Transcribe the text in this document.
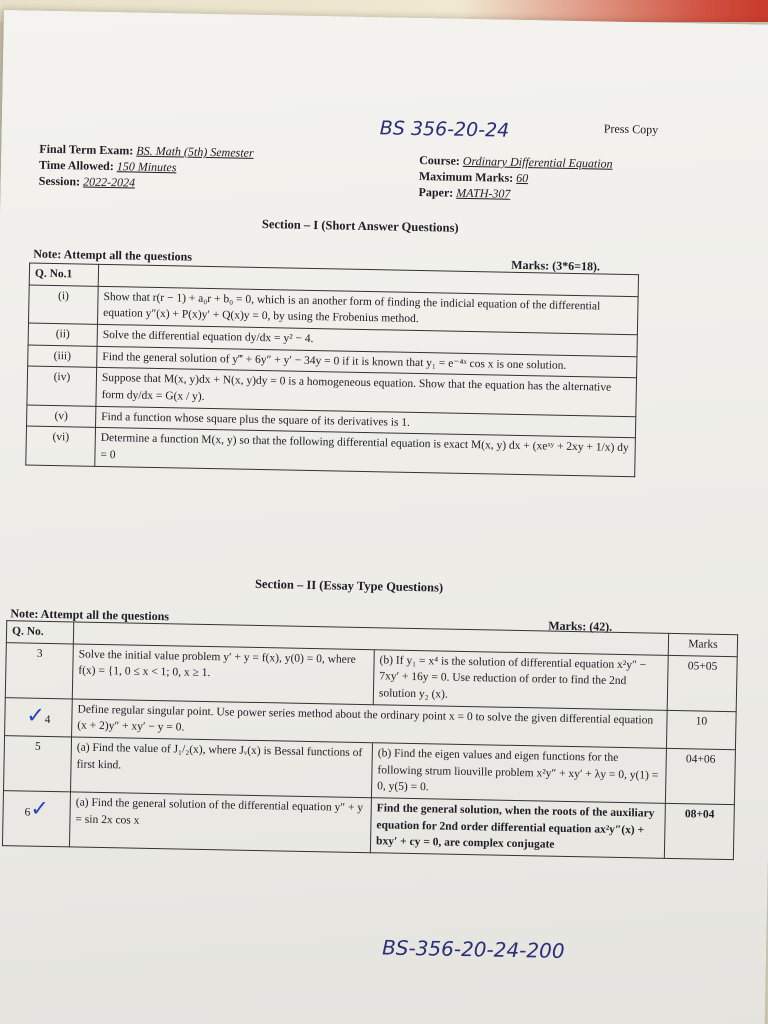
BS 356-20-24	Press Copy
Final Term Exam: BS. Math (5th) Semester
Time Allowed: 150 Minutes
Session: 2022-2024
Course: Ordinary Differential Equation
Maximum Marks: 60
Paper: MATH-307
Section – I (Short Answer Questions)
Note: Attempt all the questions
Marks: (3*6=18).
Q. No.1	
(i)	Show that r(r − 1) + a₀r + b₀ = 0, which is an another form of finding the indicial equation of the differential equation y″(x) + P(x)y′ + Q(x)y = 0, by using the Frobenius method.
(ii)	Solve the differential equation dy/dx = y² − 4.
(iii)	Find the general solution of y‴ + 6y″ + y′ − 34y = 0 if it is known that y₁ = e⁻⁴ˣ cos x is one solution.
(iv)	Suppose that M(x, y)dx + N(x, y)dy = 0 is a homogeneous equation. Show that the equation has the alternative form dy/dx = G(x / y).
(v)	Find a function whose square plus the square of its derivatives is 1.
(vi)	Determine a function M(x, y) so that the following differential equation is exact M(x, y) dx + (xeˣʸ + 2xy + 1/x) dy = 0
Section – II (Essay Type Questions)
Note: Attempt all the questions
Marks: (42).
Q. No.			Marks
3	Solve the initial value problem y′ + y = f(x), y(0) = 0, where f(x) = {1, 0 ≤ x < 1; 0, x ≥ 1.	(b) If y₁ = x⁴ is the solution of differential equation x²y″ − 7xy′ + 16y = 0. Use reduction of order to find the 2nd solution y₂ (x).	05+05
✓4	Define regular singular point. Use power series method about the ordinary point x = 0 to solve the given differential equation (x + 2)y″ + xy′ − y = 0.		10
5	(a) Find the value of J₁/₂(x), where Jᵥ(x) is Bessal functions of first kind.	(b) Find the eigen values and eigen functions for the following strum liouville problem x²y″ + xy′ + λy = 0, y(1) = 0, y(5) = 0.	04+06
6✓	(a) Find the general solution of the differential equation y″ + y = sin 2x cos x	Find the general solution, when the roots of the auxiliary equation for 2nd order differential equation ax²y″(x) + bxy′ + cy = 0, are complex conjugate	08+04
BS-356-20-24-200
